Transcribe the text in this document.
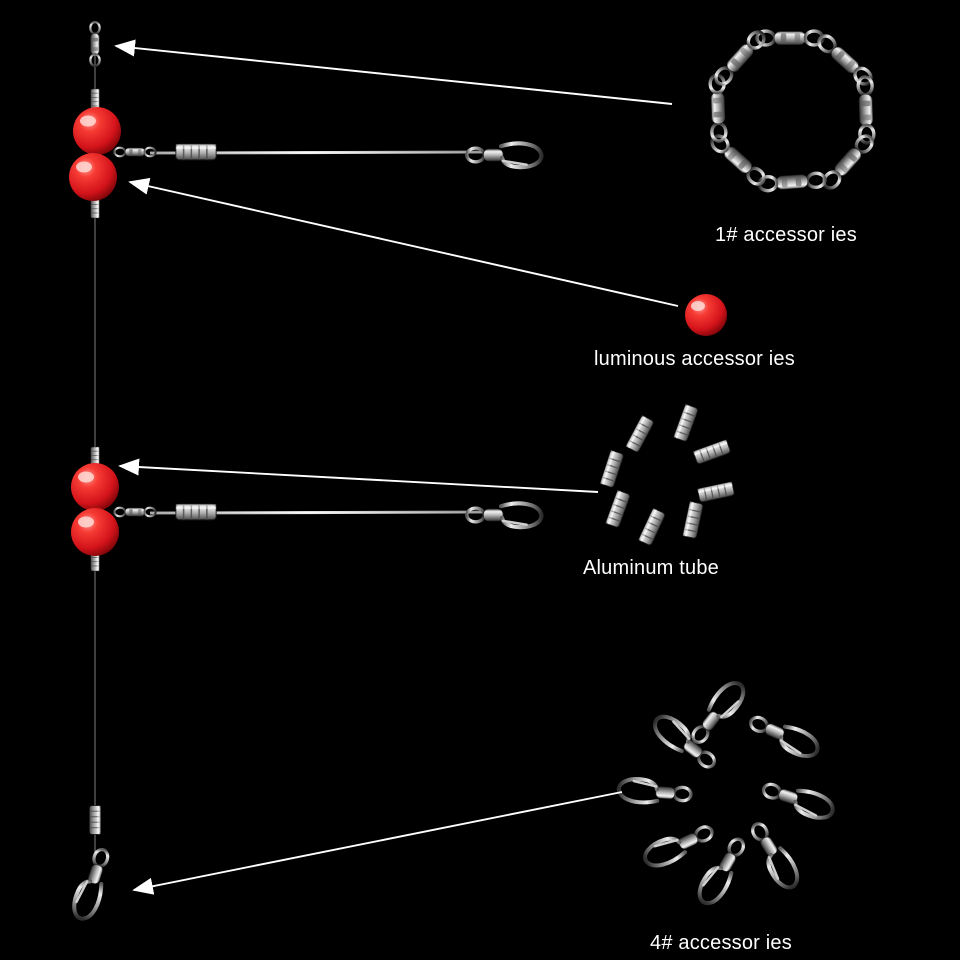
1# accessor ies
luminous accessor ies
Aluminum tube
4# accessor ies
